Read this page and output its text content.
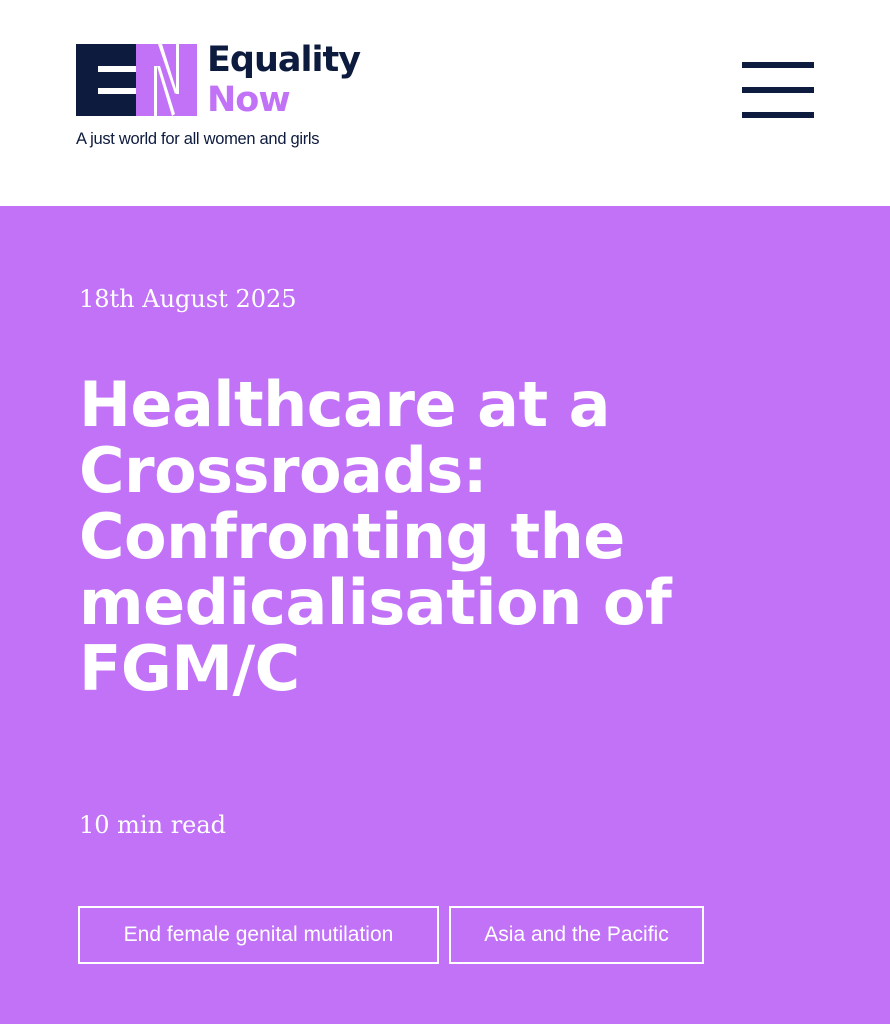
Equality
Now
A just world for all women and girls
18th August 2025
Healthcare at a Crossroads: Confronting the medicalisation of FGM/C
10 min read
End female genital mutilation	Asia and the Pacific
